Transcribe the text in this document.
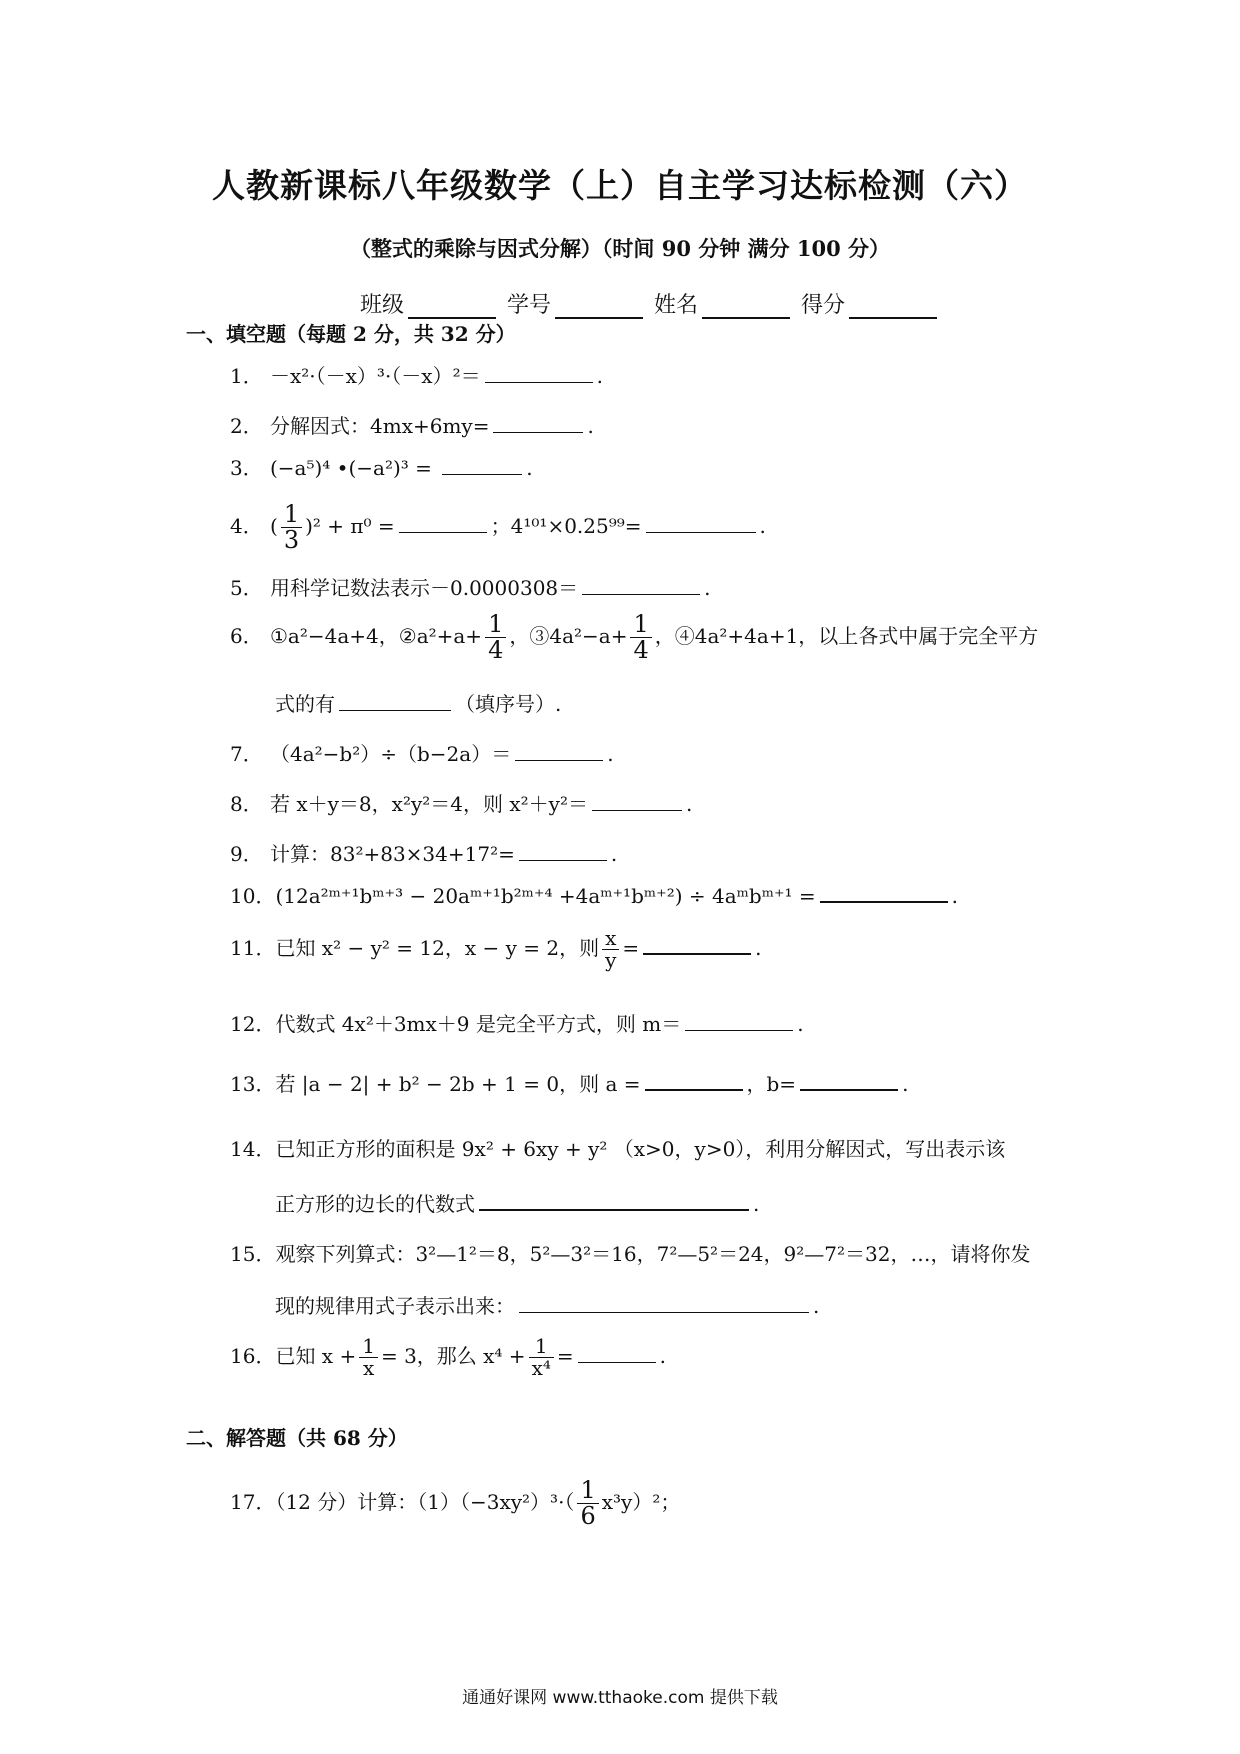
人教新课标八年级数学（上）自主学习达标检测（六）
（整式的乘除与因式分解）（时间 90 分钟 满分 100 分）
班级	学号	姓名	得分
一、填空题（每题 2 分，共 32 分）
1． －x²·（－x）³·（－x）²＝	.
2． 分解因式：4mx+6my=	.
3． (−a⁵)⁴ •(−a²)³ =	.
4． ( $\frac{1}{3} )^2 + \pi^0$ =	；4¹⁰¹×0.25⁹⁹=	.
5． 用科学记数法表示－0.0000308＝	.
6． ①a²−4a+4，②a²+a+ $\frac{1}{4}$ ，③4a²−a+ $\frac{1}{4}$ ，④4a²+4a+1，以上各式中属于完全平方
式的有	（填序号）.
7． （4a²−b²）÷（b−2a）＝	.
8． 若 x＋y＝8，x²y²＝4，则 x²＋y²＝	.
9． 计算：83²+83×34+17²=	.
10．(12a²ᵐ⁺¹bᵐ⁺³ − 20aᵐ⁺¹b²ᵐ⁺⁴ +4aᵐ⁺¹bᵐ⁺²) ÷ 4aᵐbᵐ⁺¹ =	.
11．已知 x² − y² = 12，x − y = 2，则 $\frac{x}{y}$ =	.
12．代数式 4x²＋3mx＋9 是完全平方式，则 m＝	.
13．若 |a − 2| + b² − 2b + 1 = 0，则 a =	，b=	.
14．已知正方形的面积是 9x² + 6xy + y² （x>0，y>0），利用分解因式，写出表示该
正方形的边长的代数式	.
15．观察下列算式：3²—1²＝8，5²—3²＝16，7²—5²＝24，9²—7²＝32，…，请将你发
现的规律用式子表示出来：	.
16．已知 $x + \frac{1}{x} = 3$，那么 $x^4 + \frac{1}{\text{x⁴}}$ =	.
二、解答题（共 68 分）
17．（12 分）计算：$(1)(-3xy^2)^3\cdot( \frac{1}{6} x^3y)^2$；
通通好课网 www.tthaoke.com 提供下载
